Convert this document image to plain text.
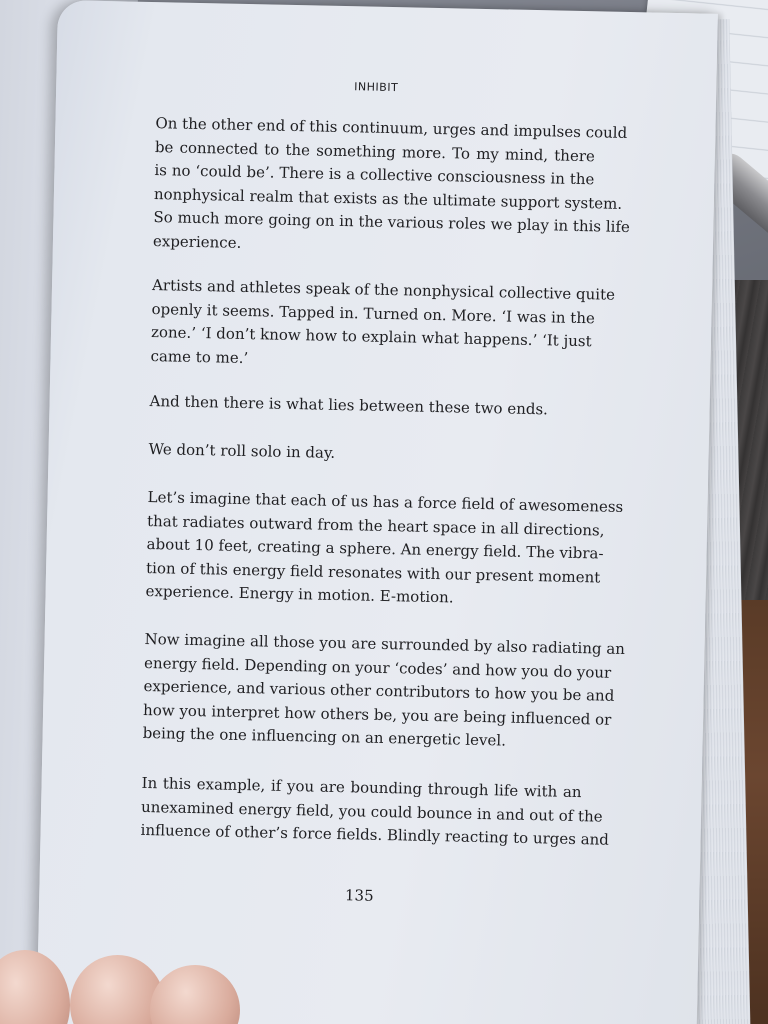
INHIBIT
On the other end of this continuum, urges and impulses could
be connected to the something more. To my mind, there
is no ‘could be’. There is a collective consciousness in the
nonphysical realm that exists as the ultimate support system.
So much more going on in the various roles we play in this life
experience.
Artists and athletes speak of the nonphysical collective quite
openly it seems. Tapped in. Turned on. More. ‘I was in the
zone.’ ‘I don’t know how to explain what happens.’ ‘It just
came to me.’
And then there is what lies between these two ends.
We don’t roll solo in day.
Let’s imagine that each of us has a force field of awesomeness
that radiates outward from the heart space in all directions,
about 10 feet, creating a sphere. An energy field. The vibra-
tion of this energy field resonates with our present moment
experience. Energy in motion. E-motion.
Now imagine all those you are surrounded by also radiating an
energy field. Depending on your ‘codes’ and how you do your
experience, and various other contributors to how you be and
how you interpret how others be, you are being influenced or
being the one influencing on an energetic level.
In this example, if you are bounding through life with an
unexamined energy field, you could bounce in and out of the
influence of other’s force fields. Blindly reacting to urges and
135
